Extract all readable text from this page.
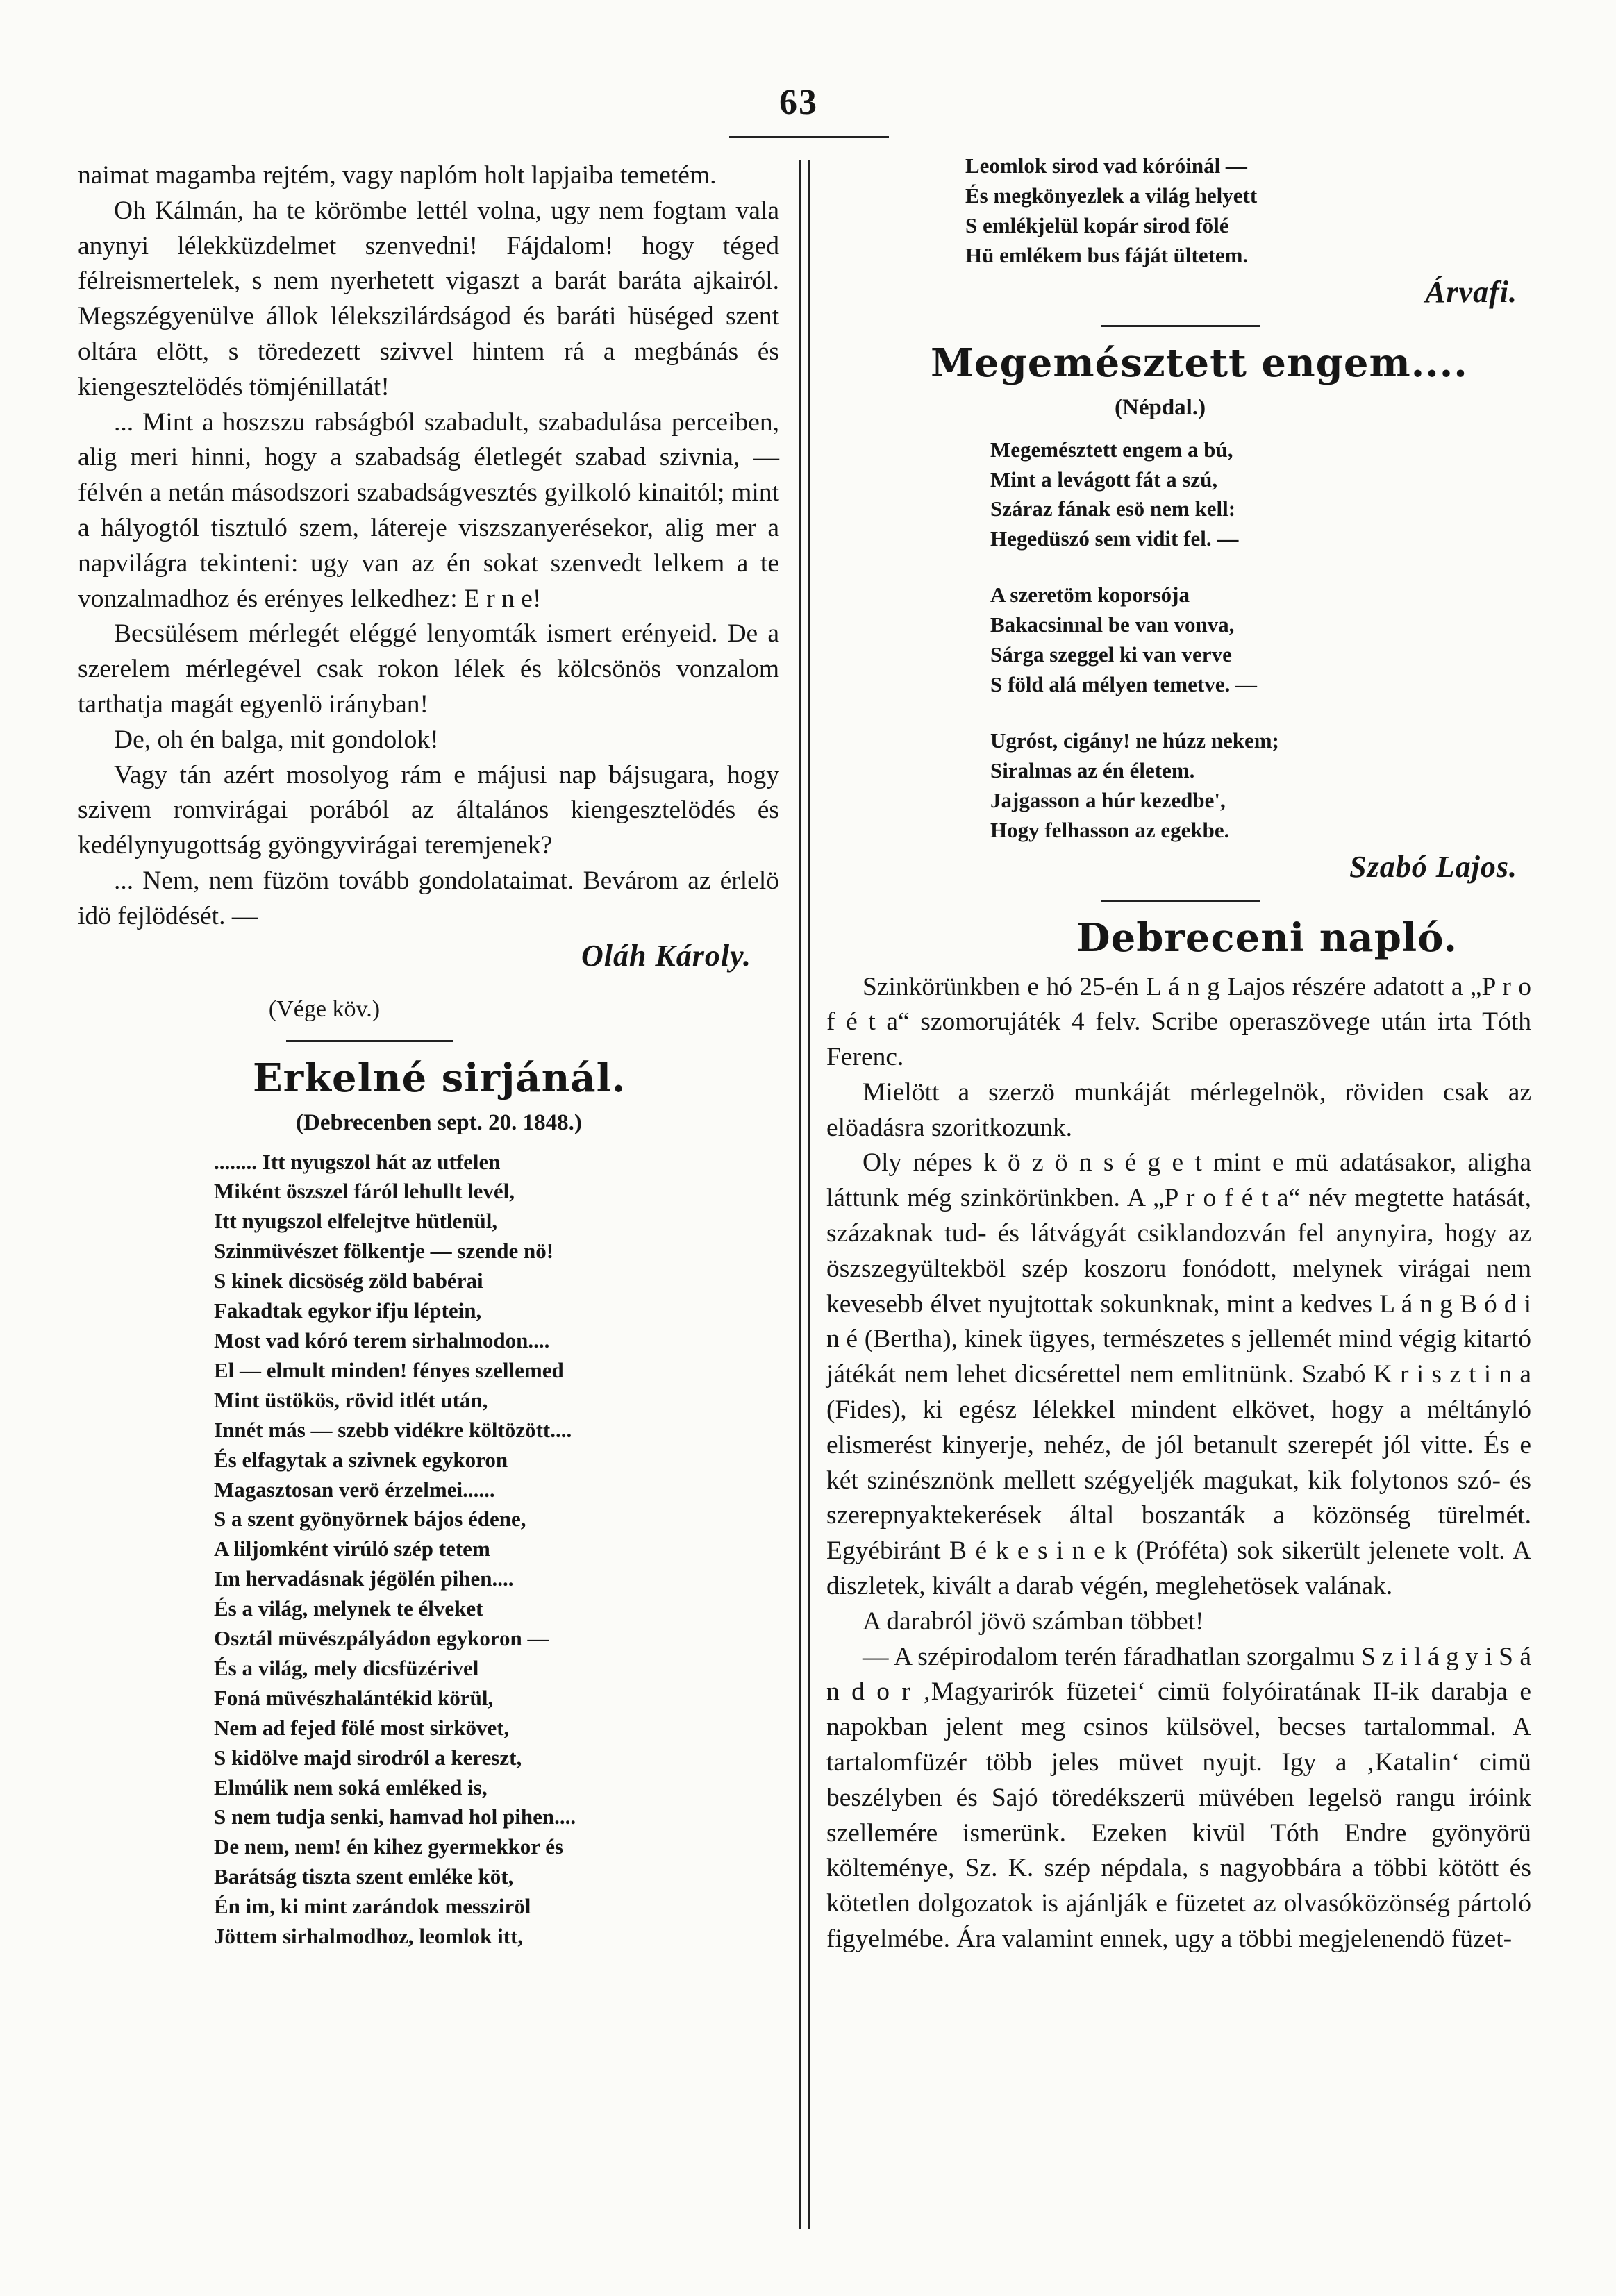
63

naimat magamba rejtém, vagy naplóm holt lapjaiba temetém.

Oh Kálmán, ha te körömbe lettél volna, ugy nem fogtam vala anynyi lélekküzdelmet szenvedni! Fájdalom! hogy téged félreismertelek, s nem nyerhetett vigaszt a barát baráta ajkairól. Megszégyenülve állok lélekszilárdságod és baráti hüséged szent oltára elött, s töredezett szivvel hintem rá a megbánás és kiengesztelödés tömjénillatát!

... Mint a hoszszu rabságból szabadult, szabadulása perceiben, alig meri hinni, hogy a szabadság életlegét szabad szivnia, — félvén a netán másodszori szabadságvesztés gyilkoló kinaitól; mint a hályogtól tisztuló szem, látereje viszszanyerésekor, alig mer a napvilágra tekinteni: ugy van az én sokat szenvedt lelkem a te vonzalmadhoz és erényes lelkedhez: E r n e!

Becsülésem mérlegét eléggé lenyomták ismert erényeid. De a szerelem mérlegével csak rokon lélek és kölcsönös vonzalom tarthatja magát egyenlö irányban!

De, oh én balga, mit gondolok!

Vagy tán azért mosolyog rám e májusi nap bájsugara, hogy szivem romvirágai porából az általános kiengesztelödés és kedélynyugottság gyöngyvirágai teremjenek?

... Nem, nem füzöm tovább gondolataimat. Bevárom az érlelö idö fejlödését. —

Oláh Károly.
(Vége köv.)
Erkelné sirjánál.
(Debrecenben sept. 20. 1848.)
........ Itt nyugszol hát az utfelen
Miként öszszel fáról lehullt levél,
Itt nyugszol elfelejtve hütlenül,
Szinmüvészet fölkentje — szende nö!
S kinek dicsöség zöld babérai
Fakadtak egykor ifju léptein,
Most vad kóró terem sirhalmodon....
El — elmult minden! fényes szellemed
Mint üstökös, rövid itlét után,
Innét más — szebb vidékre költözött....
És elfagytak a szivnek egykoron
Magasztosan verö érzelmei......
S a szent gyönyörnek bájos édene,
A liljomként virúló szép tetem
Im hervadásnak jégölén pihen....
És a világ, melynek te élveket
Osztál müvészpályádon egykoron —
És a világ, mely dicsfüzérivel
Foná müvészhalántékid körül,
Nem ad fejed fölé most sirkövet,
S kidölve majd sirodról a kereszt,
Elmúlik nem soká emléked is,
S nem tudja senki, hamvad hol pihen....
De nem, nem! én kihez gyermekkor és
Barátság tiszta szent emléke köt,
Én im, ki mint zarándok messziröl
Jöttem sirhalmodhoz, leomlok itt,
Leomlok sirod vad kóróinál —
És megkönyezlek a világ helyett
S emlékjelül kopár sirod fölé
Hü emlékem bus fáját ültetem.
Árvafi.
Megemésztett engem....
(Népdal.)
Megemésztett engem a bú,
Mint a levágott fát a szú,
Száraz fának esö nem kell:
Hegedüszó sem vidit fel. —
A szeretöm koporsója
Bakacsinnal be van vonva,
Sárga szeggel ki van verve
S föld alá mélyen temetve. —
Ugróst, cigány! ne húzz nekem;
Siralmas az én életem.
Jajgasson a húr kezedbe',
Hogy felhasson az egekbe.
Szabó Lajos.
Debreceni napló.

Szinkörünkben e hó 25-én L á n g Lajos részére adatott a „P r o f é t a“ szomorujáték 4 felv. Scribe operaszövege után irta Tóth Ferenc.

Mielött a szerzö munkáját mérlegelnök, röviden csak az elöadásra szoritkozunk.

Oly népes k ö z ö n s é g e t mint e mü adatásakor, aligha láttunk még szinkörünkben. A „P r o f é t a“ név megtette hatását, százaknak tud- és látvágyát csiklandozván fel anynyira, hogy az öszszegyültekböl szép koszoru fonódott, melynek virágai nem kevesebb élvet nyujtottak sokunknak, mint a kedves L á n g B ó d i n é (Bertha), kinek ügyes, természetes s jellemét mind végig kitartó játékát nem lehet dicsérettel nem emlitnünk. Szabó K r i s z t i n a (Fides), ki egész lélekkel mindent elkövet, hogy a méltányló elismerést kinyerje, nehéz, de jól betanult szerepét jól vitte. És e két szinésznönk mellett szégyeljék magukat, kik folytonos szó- és szerepnyaktekerések által boszanták a közönség türelmét. Egyébiránt B é k e s i n e k (Próféta) sok sikerült jelenete volt. A diszletek, kivált a darab végén, meglehetösek valának.

A darabról jövö számban többet!

— A szépirodalom terén fáradhatlan szorgalmu S z i l á g y i S á n d o r ‚Magyarirók füzetei‘ cimü folyóiratának II-ik darabja e napokban jelent meg csinos külsövel, becses tartalommal. A tartalomfüzér több jeles müvet nyujt. Igy a ‚Katalin‘ cimü beszélyben és Sajó töredékszerü müvében legelsö rangu iróink szellemére ismerünk. Ezeken kivül Tóth Endre gyönyörü költeménye, Sz. K. szép népdala, s nagyobbára a többi kötött és kötetlen dolgozatok is ajánlják e füzetet az olvasóközönség pártoló figyelmébe. Ára valamint ennek, ugy a többi megjelenendö füzet-
